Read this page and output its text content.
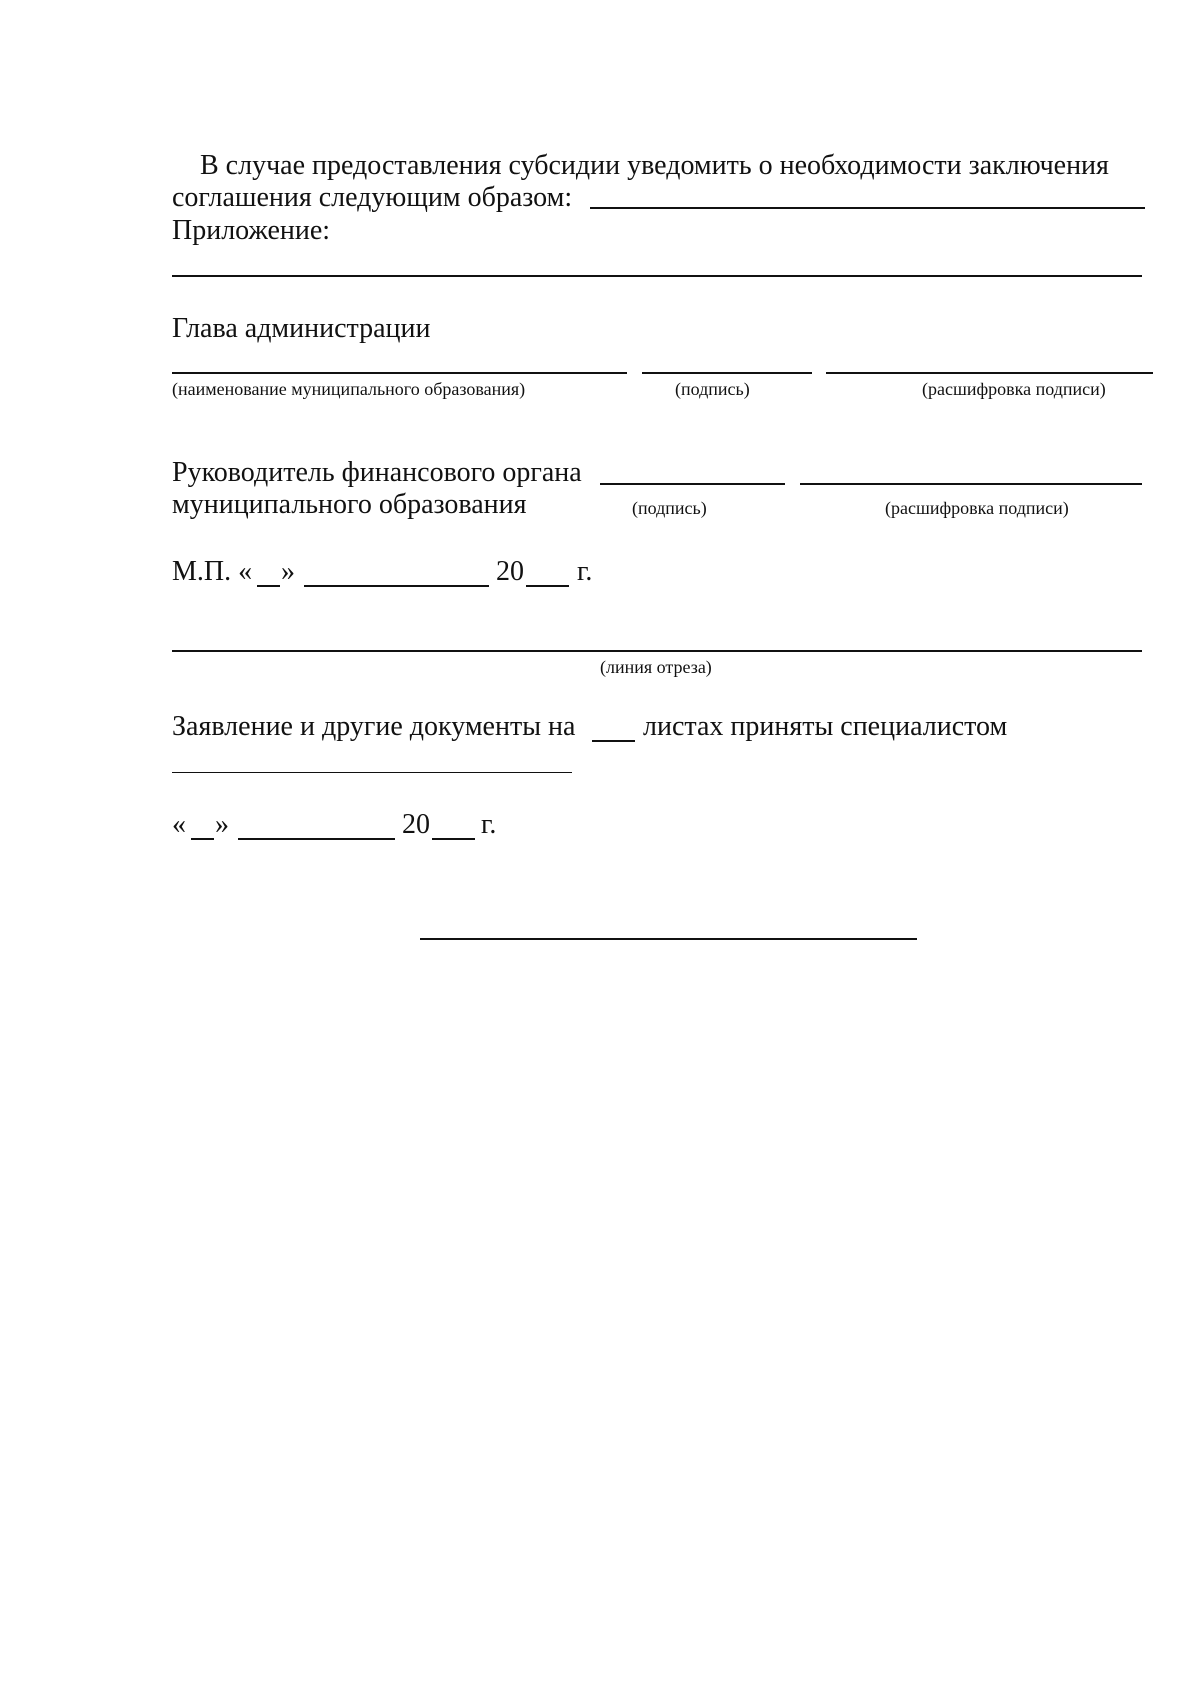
В случае предоставления субсидии уведомить о необходимости заключения
соглашения следующим образом:
Приложение:
Глава администрации
(наименование муниципального образования)	(подпись)	(расшифровка подписи)
Руководитель финансового органа
муниципального образования	(подпись)	(расшифровка подписи)
М.П. « »	20 г.
(линия отреза)
Заявление и другие документы на листах приняты специалистом
« »	20 г.
